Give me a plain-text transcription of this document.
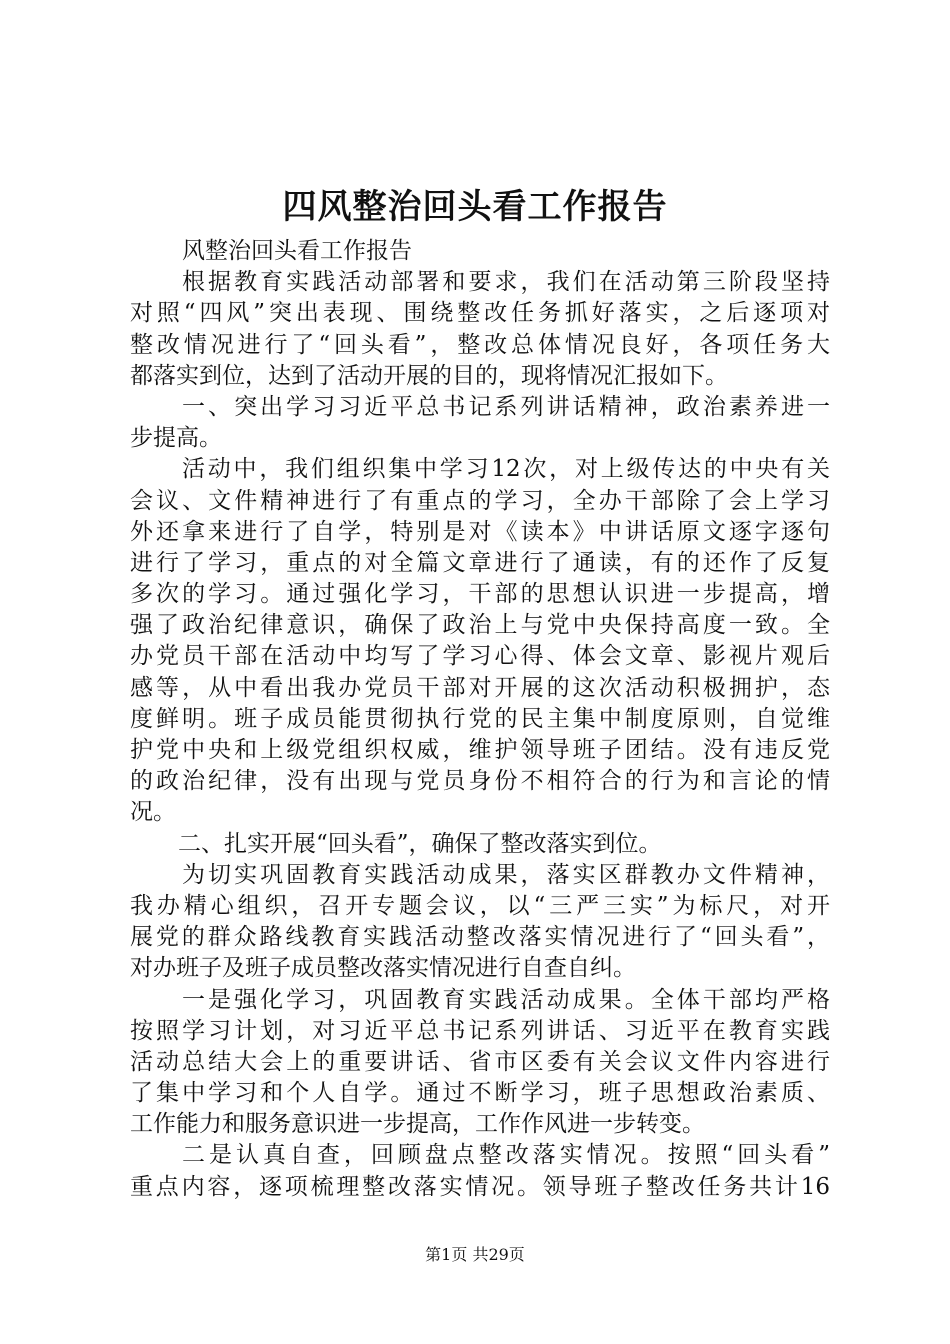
四风整治回头看工作报告
风整治回头看工作报告
根据教育实践活动部署和要求，我们在活动第三阶段坚持
对照“四风”突出表现、围绕整改任务抓好落实，之后逐项对
整改情况进行了“回头看”，整改总体情况良好，各项任务大
都落实到位，达到了活动开展的目的，现将情况汇报如下。
一、突出学习习近平总书记系列讲话精神，政治素养进一
步提高。
活动中，我们组织集中学习12次，对上级传达的中央有关
会议、文件精神进行了有重点的学习，全办干部除了会上学习
外还拿来进行了自学，特别是对《读本》中讲话原文逐字逐句
进行了学习，重点的对全篇文章进行了通读，有的还作了反复
多次的学习。通过强化学习，干部的思想认识进一步提高，增
强了政治纪律意识，确保了政治上与党中央保持高度一致。全
办党员干部在活动中均写了学习心得、体会文章、影视片观后
感等，从中看出我办党员干部对开展的这次活动积极拥护，态
度鲜明。班子成员能贯彻执行党的民主集中制度原则，自觉维
护党中央和上级党组织权威，维护领导班子团结。没有违反党
的政治纪律，没有出现与党员身份不相符合的行为和言论的情
况。
二、扎实开展“回头看”，确保了整改落实到位。
为切实巩固教育实践活动成果，落实区群教办文件精神，
我办精心组织，召开专题会议，以“三严三实”为标尺，对开
展党的群众路线教育实践活动整改落实情况进行了“回头看”，
对办班子及班子成员整改落实情况进行自查自纠。
一是强化学习，巩固教育实践活动成果。全体干部均严格
按照学习计划，对习近平总书记系列讲话、习近平在教育实践
活动总结大会上的重要讲话、省市区委有关会议文件内容进行
了集中学习和个人自学。通过不断学习，班子思想政治素质、
工作能力和服务意识进一步提高，工作作风进一步转变。
二是认真自查，回顾盘点整改落实情况。按照“回头看”
重点内容，逐项梳理整改落实情况。领导班子整改任务共计16
第1页 共29页
